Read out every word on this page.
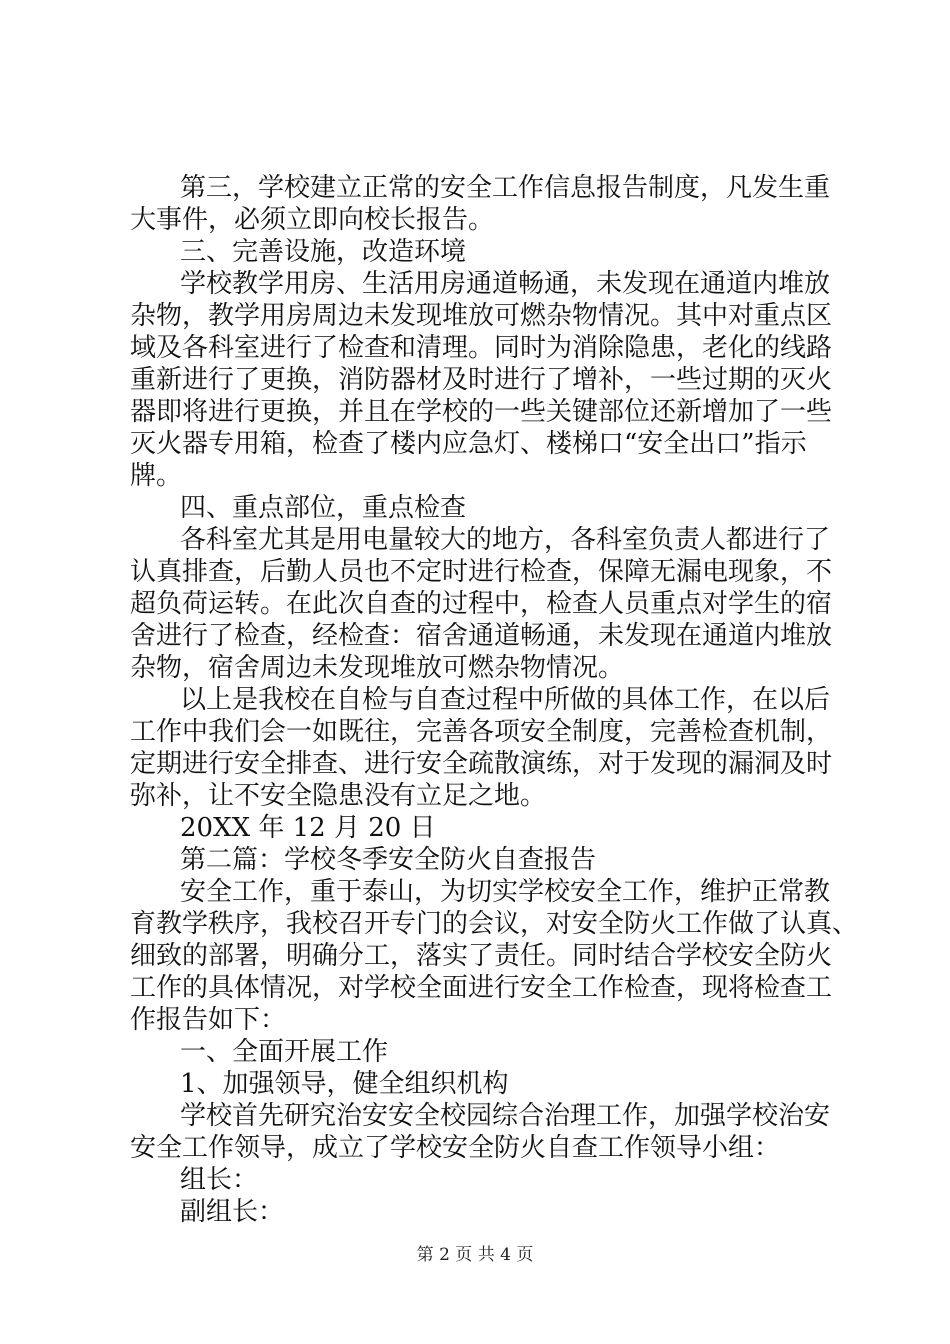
第三，学校建立正常的安全工作信息报告制度，凡发生重
大事件，必须立即向校长报告。
三、完善设施，改造环境
学校教学用房、生活用房通道畅通，未发现在通道内堆放
杂物，教学用房周边未发现堆放可燃杂物情况。其中对重点区
域及各科室进行了检查和清理。同时为消除隐患，老化的线路
重新进行了更换，消防器材及时进行了增补，一些过期的灭火
器即将进行更换，并且在学校的一些关键部位还新增加了一些
灭火器专用箱，检查了楼内应急灯、楼梯口“安全出口”指示
牌。
四、重点部位，重点检查
各科室尤其是用电量较大的地方，各科室负责人都进行了
认真排查，后勤人员也不定时进行检查，保障无漏电现象，不
超负荷运转。在此次自查的过程中，检查人员重点对学生的宿
舍进行了检查，经检查：宿舍通道畅通，未发现在通道内堆放
杂物，宿舍周边未发现堆放可燃杂物情况。
以上是我校在自检与自查过程中所做的具体工作，在以后
工作中我们会一如既往，完善各项安全制度，完善检查机制，
定期进行安全排查、进行安全疏散演练，对于发现的漏洞及时
弥补，让不安全隐患没有立足之地。
20XX 年 12 月 20 日
第二篇：学校冬季安全防火自查报告
安全工作，重于泰山，为切实学校安全工作，维护正常教
育教学秩序，我校召开专门的会议，对安全防火工作做了认真、
细致的部署，明确分工，落实了责任。同时结合学校安全防火
工作的具体情况，对学校全面进行安全工作检查，现将检查工
作报告如下：
一、全面开展工作
1、加强领导，健全组织机构
学校首先研究治安安全校园综合治理工作，加强学校治安
安全工作领导，成立了学校安全防火自查工作领导小组：
组长：
副组长：
第 2 页 共 4 页
